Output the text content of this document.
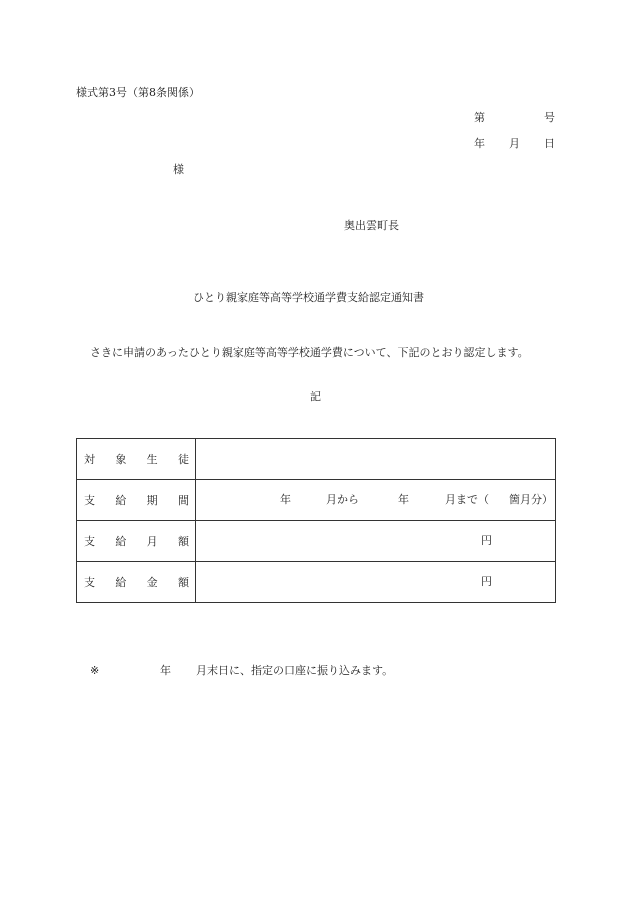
様式第3号（第8条関係）
第	号
年 月 日
様
奥出雲町長
ひとり親家庭等高等学校通学費支給認定通知書
さきに申請のあったひとり親家庭等高等学校通学費について、下記のとおり認定します。
記
対 象 生 徒	

支 給 期 間	年 月から 年 月まで（ 箇月分）

支 給 月 額	円

支 給 金 額	円
※	年 月末日に、指定の口座に振り込みます。
